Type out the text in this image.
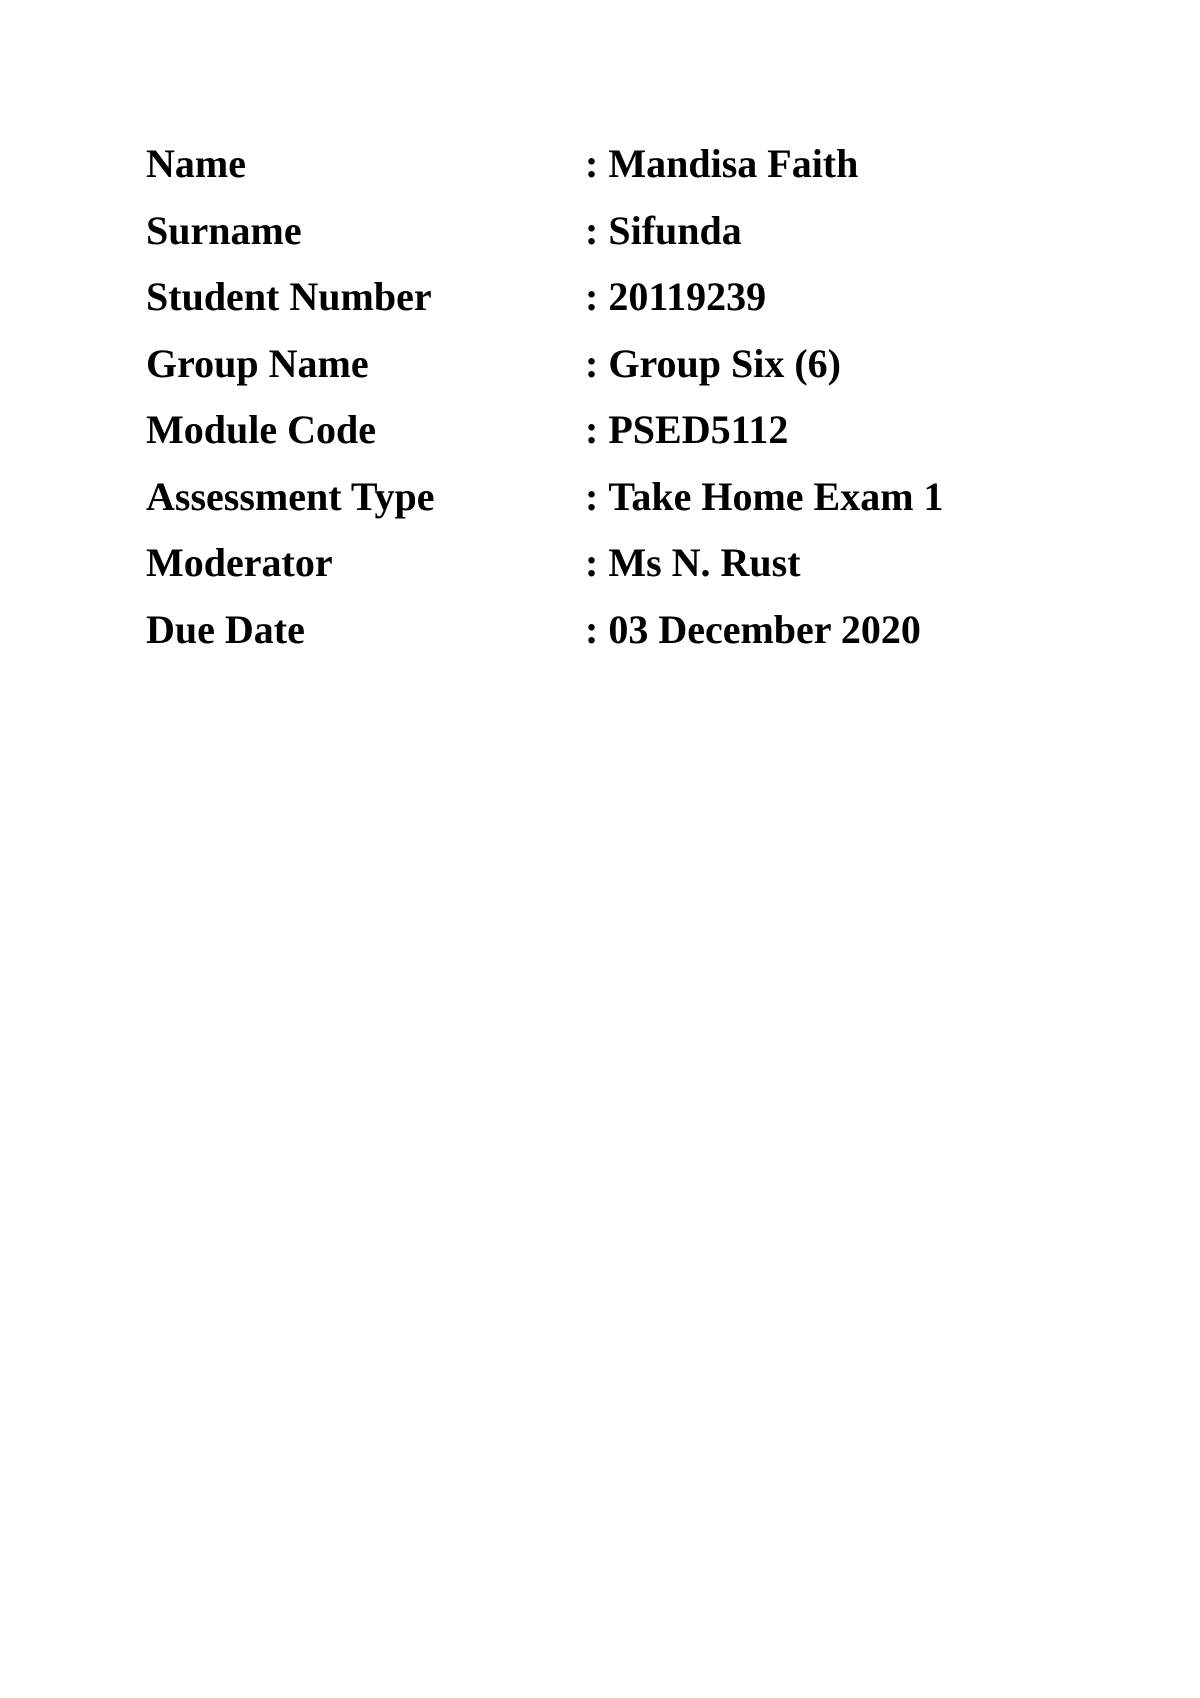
Name	: Mandisa Faith
Surname	: Sifunda
Student Number	: 20119239
Group Name	: Group Six (6)
Module Code	: PSED5112
Assessment Type	: Take Home Exam 1
Moderator	: Ms N. Rust
Due Date	: 03 December 2020
